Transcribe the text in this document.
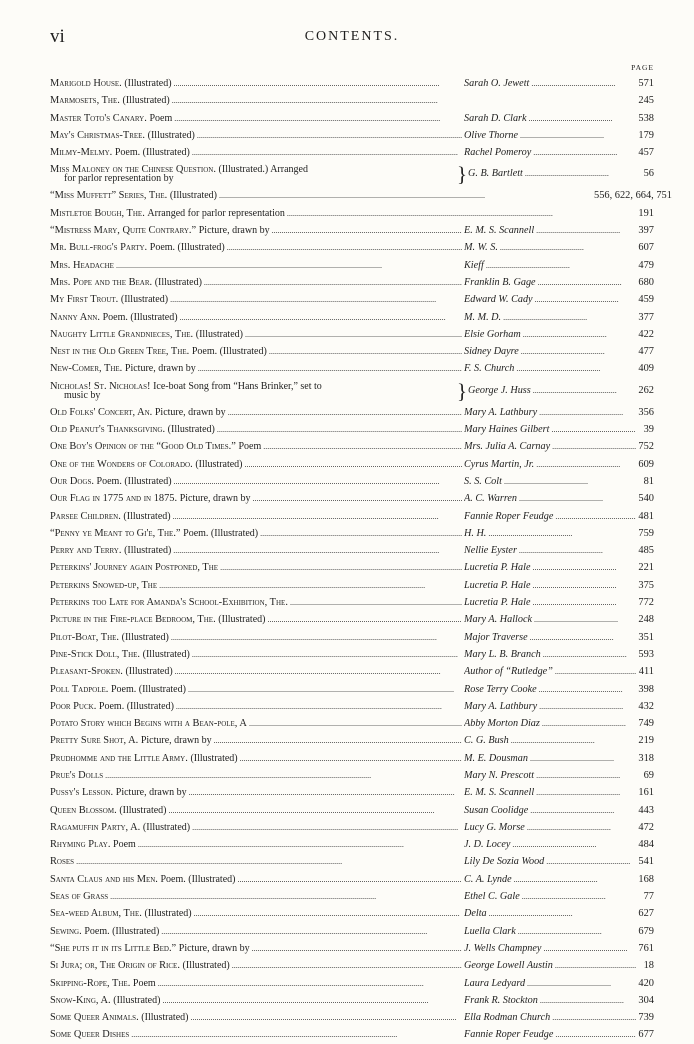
vi	CONTENTS.
PAGE
Marigold House. (Illustrated) . . .	Sarah O. Jewett . . .	571
Marmosets, The. (Illustrated) . . .	245
Master Toto's Canary. Poem . . .	Sarah D. Clark . . .	538
May's Christmas-Tree. (Illustrated) . . .	Olive Thorne . . .	179
Milmy-Melmy. Poem. (Illustrated) . . .	Rachel Pomeroy . . .	457
Miss Maloney on the Chinese Question. (Illustrated.) Arranged
for parlor representation by	} G. B. Bartlett . . .	56
“Miss Muffett” Series, The. (Illustrated) . . .	556, 622, 664, 751
Mistletoe Bough, The. Arranged for parlor representation . . .	191
“Mistress Mary, Quite Contrary.” Picture, drawn by . . .	E. M. S. Scannell . . .	397
Mr. Bull-frog's Party. Poem. (Illustrated) . . .	M. W. S. . . .	607
Mrs. Headache . . .	Kieff . . .	479
Mrs. Pope and the Bear. (Illustrated) . . .	Franklin B. Gage . . .	680
My First Trout. (Illustrated) . . .	Edward W. Cady . . .	459
Nanny Ann. Poem. (Illustrated) . . .	M. M. D. . . .	377
Naughty Little Grandnieces, The. (Illustrated) . . .	Elsie Gorham . . .	422
Nest in the Old Green Tree, The. Poem. (Illustrated) . . .	Sidney Dayre . . .	477
New-Comer, The. Picture, drawn by . . .	F. S. Church . . .	409
Nicholas! St. Nicholas! Ice-boat Song from “Hans Brinker,” set to
music by	} George J. Huss . . .	262
Old Folks' Concert, An. Picture, drawn by . . .	Mary A. Lathbury . . .	356
Old Peanut's Thanksgiving. (Illustrated) . . .	Mary Haines Gilbert . . .	39
One Boy's Opinion of the “Good Old Times.” Poem . . .	Mrs. Julia A. Carnay . . .	752
One of the Wonders of Colorado. (Illustrated) . . .	Cyrus Martin, Jr. . . .	609
Our Dogs. Poem. (Illustrated) . . .	S. S. Colt . . .	81
Our Flag in 1775 and in 1875. Picture, drawn by . . .	A. C. Warren . . .	540
Parsee Children. (Illustrated) . . .	Fannie Roper Feudge . . .	481
“Penny ye Meant to Gi'e, The.” Poem. (Illustrated) . . .	H. H. . . .	759
Perry and Terry. (Illustrated) . . .	Nellie Eyster . . .	485
Peterkins' Journey again Postponed, The . . .	Lucretia P. Hale . . .	221
Peterkins Snowed-up, The . . .	Lucretia P. Hale . . .	375
Peterkins too Late for Amanda's School-Exhibition, The. . . .	Lucretia P. Hale . . .	772
Picture in the Fire-place Bedroom, The. (Illustrated) . . .	Mary A. Hallock . . .	248
Pilot-Boat, The. (Illustrated) . . .	Major Traverse . . .	351
Pine-Stick Doll, The. (Illustrated) . . .	Mary L. B. Branch . . .	593
Pleasant-Spoken. (Illustrated) . . .	Author of “Rutledge” . . .	411
Poll Tadpole. Poem. (Illustrated) . . .	Rose Terry Cooke . . .	398
Poor Puck. Poem. (Illustrated) . . .	Mary A. Lathbury . . .	432
Potato Story which Begins with a Bean-pole, A . . .	Abby Morton Diaz . . .	749
Pretty Sure Shot, A. Picture, drawn by . . .	C. G. Bush . . .	219
Prudhomme and the Little Army. (Illustrated) . . .	M. E. Dousman . . .	318
Prue's Dolls . . .	Mary N. Prescott . . .	69
Pussy's Lesson. Picture, drawn by . . .	E. M. S. Scannell . . .	161
Queen Blossom. (Illustrated) . . .	Susan Coolidge . . .	443
Ragamuffin Party, A. (Illustrated) . . .	Lucy G. Morse . . .	472
Rhyming Play. Poem . . .	J. D. Locey . . .	484
Roses . . .	Lily De Sozia Wood . . .	541
Santa Claus and his Men. Poem. (Illustrated) . . .	C. A. Lynde . . .	168
Seas of Grass . . .	Ethel C. Gale . . .	77
Sea-weed Album, The. (Illustrated) . . .	Delta . . .	627
Sewing. Poem. (Illustrated) . . .	Luella Clark . . .	679
“She puts it in its Little Bed.” Picture, drawn by . . .	J. Wells Champney . . .	761
Si Jura; or, The Origin of Rice. (Illustrated) . . .	George Lowell Austin . . .	18
Skipping-Rope, The. Poem . . .	Laura Ledyard . . .	420
Snow-King, A. (Illustrated) . . .	Frank R. Stockton . . .	304
Some Queer Animals. (Illustrated) . . .	Ella Rodman Church . . .	739
Some Queer Dishes . . .	Fannie Roper Feudge . . .	677
